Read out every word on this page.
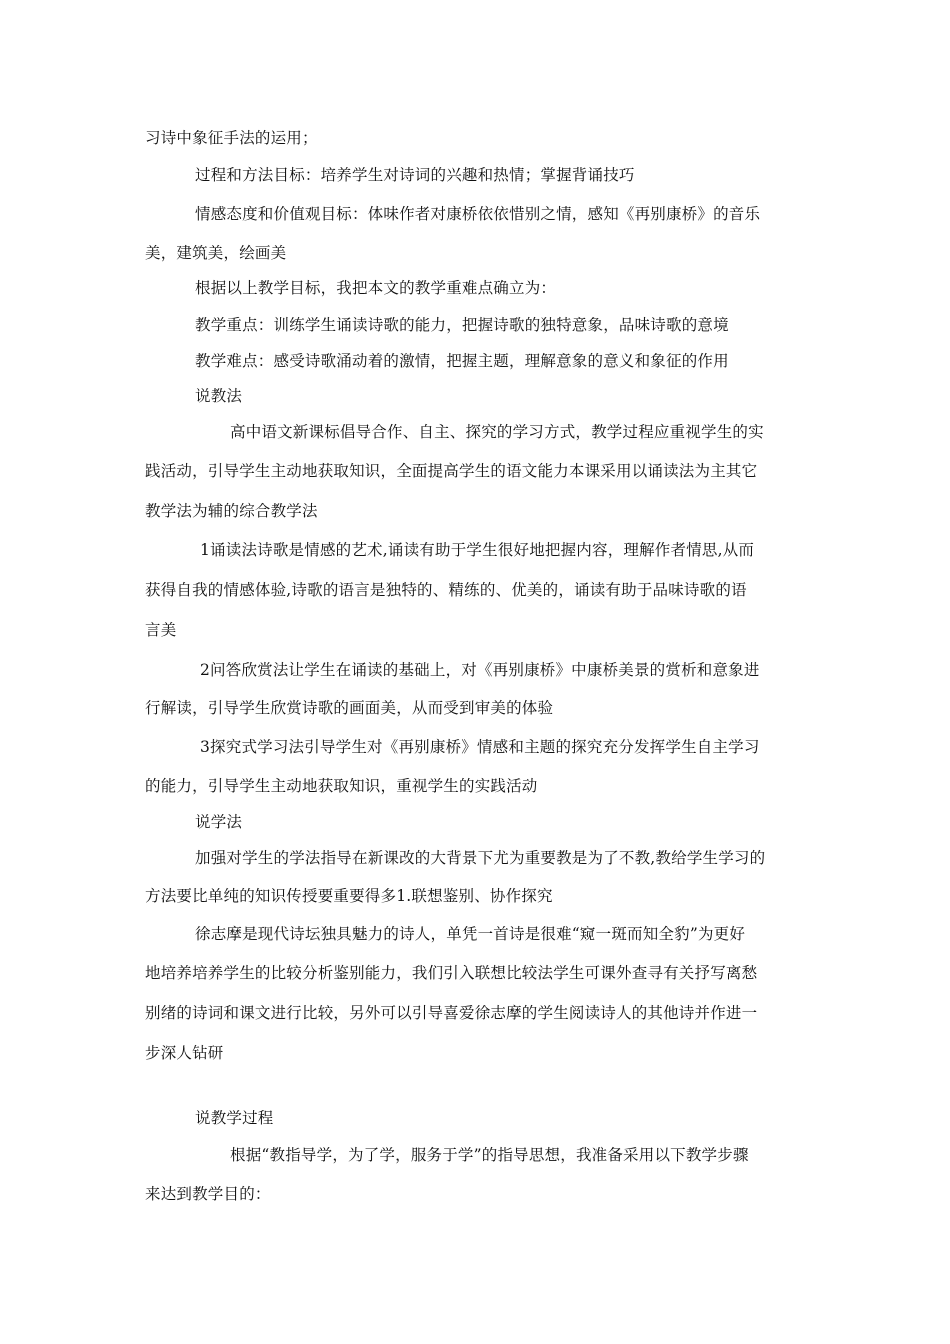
习诗中象征手法的运用；
过程和方法目标：培养学生对诗词的兴趣和热情；掌握背诵技巧
情感态度和价值观目标：体味作者对康桥依依惜别之情，感知《再别康桥》的音乐
美，建筑美，绘画美
根据以上教学目标，我把本文的教学重难点确立为：
教学重点：训练学生诵读诗歌的能力，把握诗歌的独特意象，品味诗歌的意境
教学难点：感受诗歌涌动着的激情，把握主题，理解意象的意义和象征的作用
说教法
高中语文新课标倡导合作、自主、探究的学习方式，教学过程应重视学生的实
践活动，引导学生主动地获取知识，全面提高学生的语文能力本课采用以诵读法为主其它
教学法为辅的综合教学法
1诵读法诗歌是情感的艺术,诵读有助于学生很好地把握内容，理解作者情思,从而
获得自我的情感体验,诗歌的语言是独特的、精练的、优美的，诵读有助于品味诗歌的语
言美
2问答欣赏法让学生在诵读的基础上，对《再别康桥》中康桥美景的赏析和意象进
行解读，引导学生欣赏诗歌的画面美，从而受到审美的体验
3探究式学习法引导学生对《再别康桥》情感和主题的探究充分发挥学生自主学习
的能力，引导学生主动地获取知识，重视学生的实践活动
说学法
加强对学生的学法指导在新课改的大背景下尤为重要教是为了不教,教给学生学习的
方法要比单纯的知识传授要重要得多1.联想鉴别、协作探究
徐志摩是现代诗坛独具魅力的诗人，单凭一首诗是很难“窥一斑而知全豹”为更好
地培养培养学生的比较分析鉴别能力，我们引入联想比较法学生可课外查寻有关抒写离愁
别绪的诗词和课文进行比较，另外可以引导喜爱徐志摩的学生阅读诗人的其他诗并作进一
步深人钻研
说教学过程
根据“教指导学，为了学，服务于学”的指导思想，我准备采用以下教学步骤
来达到教学目的：
